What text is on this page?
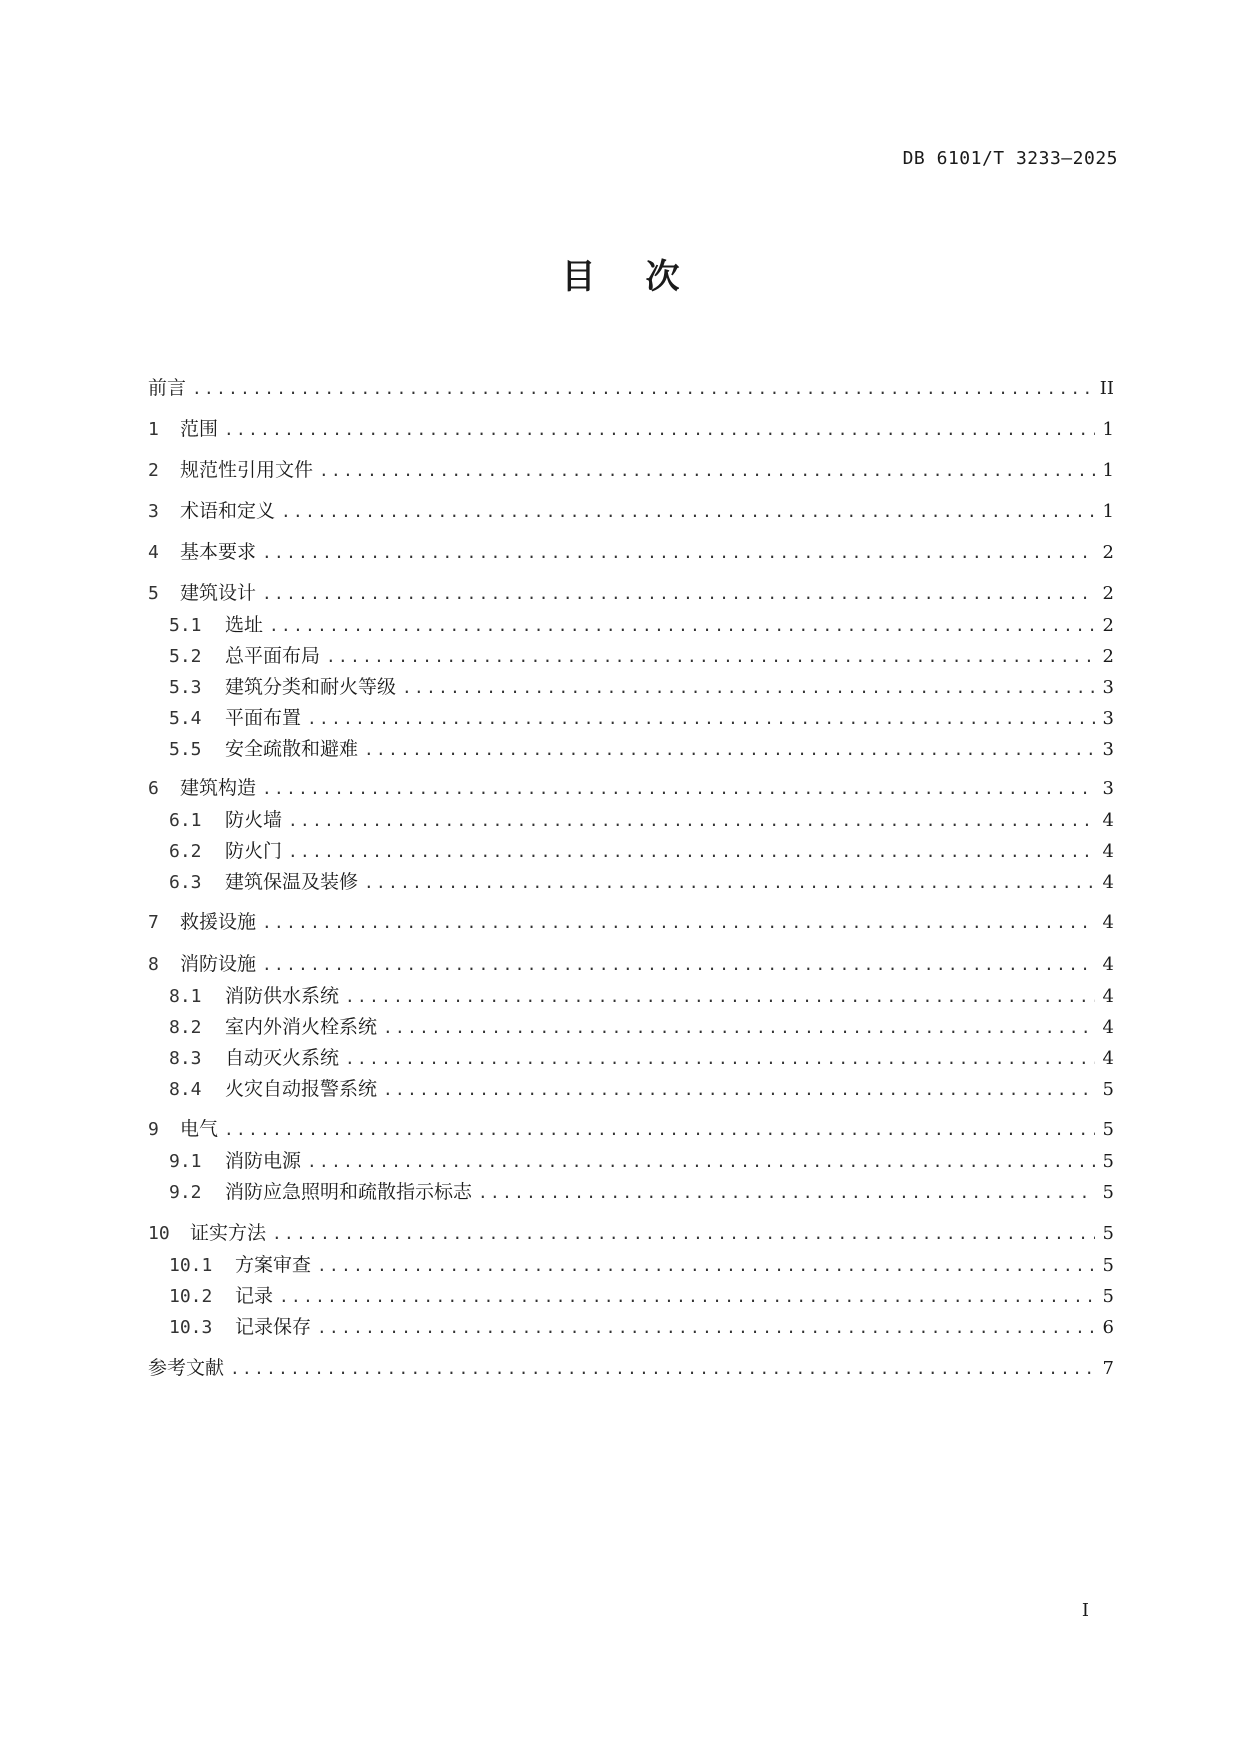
DB 6101/T 3233—2025
目次
前言 .....	II
1	范围 .....	1
2	规范性引用文件 .....	1
3	术语和定义 .....	1
4	基本要求 .....	2
5	建筑设计 .....	2
5.1	选址 .....	2
5.2	总平面布局 .....	2
5.3	建筑分类和耐火等级 .....	3
5.4	平面布置 .....	3
5.5	安全疏散和避难 .....	3
6	建筑构造 .....	3
6.1	防火墙 .....	4
6.2	防火门 .....	4
6.3	建筑保温及装修 .....	4
7	救援设施 .....	4
8	消防设施 .....	4
8.1	消防供水系统 .....	4
8.2	室内外消火栓系统 .....	4
8.3	自动灭火系统 .....	4
8.4	火灾自动报警系统 .....	5
9	电气 .....	5
9.1	消防电源 .....	5
9.2	消防应急照明和疏散指示标志 .....	5
10	证实方法 .....	5
10.1	方案审查 .....	5
10.2	记录 .....	5
10.3	记录保存 .....	6
参考文献 .....	7
I
